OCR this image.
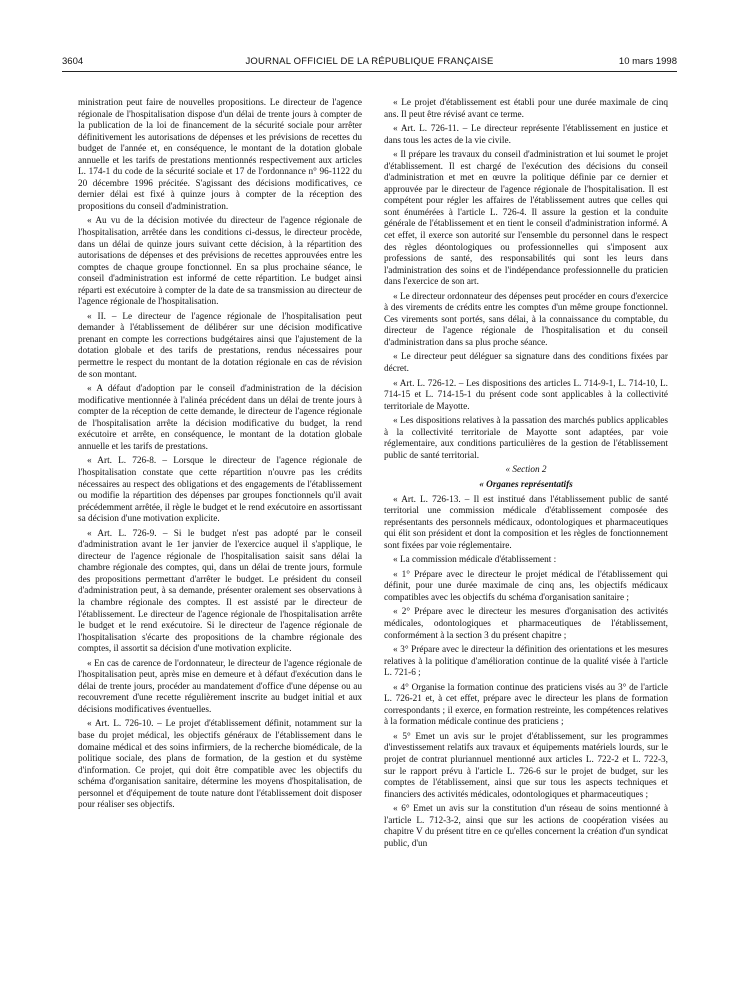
3604	JOURNAL OFFICIEL DE LA RÉPUBLIQUE FRANÇAISE	10 mars 1998

ministration peut faire de nouvelles propositions. Le directeur de l'agence régionale de l'hospitalisation dispose d'un délai de trente jours à compter de la publication de la loi de financement de la sécurité sociale pour arrêter définitivement les autorisations de dépenses et les prévisions de recettes du budget de l'année et, en conséquence, le montant de la dotation globale annuelle et les tarifs de prestations mentionnés respectivement aux articles L. 174-1 du code de la sécurité sociale et 17 de l'ordonnance n° 96-1122 du 20 décembre 1996 précitée. S'agissant des décisions modificatives, ce dernier délai est fixé à quinze jours à compter de la réception des propositions du conseil d'administration.

« Au vu de la décision motivée du directeur de l'agence régionale de l'hospitalisation, arrêtée dans les conditions ci-dessus, le directeur procède, dans un délai de quinze jours suivant cette décision, à la répartition des autorisations de dépenses et des prévisions de recettes approuvées entre les comptes de chaque groupe fonctionnel. En sa plus prochaine séance, le conseil d'administration est informé de cette répartition. Le budget ainsi réparti est exécutoire à compter de la date de sa transmission au directeur de l'agence régionale de l'hospitalisation.

« II. – Le directeur de l'agence régionale de l'hospitalisation peut demander à l'établissement de délibérer sur une décision modificative prenant en compte les corrections budgétaires ainsi que l'ajustement de la dotation globale et des tarifs de prestations, rendus nécessaires pour permettre le respect du montant de la dotation régionale en cas de révision de son montant.

« A défaut d'adoption par le conseil d'administration de la décision modificative mentionnée à l'alinéa précédent dans un délai de trente jours à compter de la réception de cette demande, le directeur de l'agence régionale de l'hospitalisation arrête la décision modificative du budget, la rend exécutoire et arrête, en conséquence, le montant de la dotation globale annuelle et les tarifs de prestations.

« Art. L. 726-8. – Lorsque le directeur de l'agence régionale de l'hospitalisation constate que cette répartition n'ouvre pas les crédits nécessaires au respect des obligations et des engagements de l'établissement ou modifie la répartition des dépenses par groupes fonctionnels qu'il avait précédemment arrêtée, il règle le budget et le rend exécutoire en assortissant sa décision d'une motivation explicite.

« Art. L. 726-9. – Si le budget n'est pas adopté par le conseil d'administration avant le 1er janvier de l'exercice auquel il s'applique, le directeur de l'agence régionale de l'hospitalisation saisit sans délai la chambre régionale des comptes, qui, dans un délai de trente jours, formule des propositions permettant d'arrêter le budget. Le président du conseil d'administration peut, à sa demande, présenter oralement ses observations à la chambre régionale des comptes. Il est assisté par le directeur de l'établissement. Le directeur de l'agence régionale de l'hospitalisation arrête le budget et le rend exécutoire. Si le directeur de l'agence régionale de l'hospitalisation s'écarte des propositions de la chambre régionale des comptes, il assortit sa décision d'une motivation explicite.

« En cas de carence de l'ordonnateur, le directeur de l'agence régionale de l'hospitalisation peut, après mise en demeure et à défaut d'exécution dans le délai de trente jours, procéder au mandatement d'office d'une dépense ou au recouvrement d'une recette régulièrement inscrite au budget initial et aux décisions modificatives éventuelles.

« Art. L. 726-10. – Le projet d'établissement définit, notamment sur la base du projet médical, les objectifs généraux de l'établissement dans le domaine médical et des soins infirmiers, de la recherche biomédicale, de la politique sociale, des plans de formation, de la gestion et du système d'information. Ce projet, qui doit être compatible avec les objectifs du schéma d'organisation sanitaire, détermine les moyens d'hospitalisation, de personnel et d'équipement de toute nature dont l'établissement doit disposer pour réaliser ses objectifs.

« Le projet d'établissement est établi pour une durée maximale de cinq ans. Il peut être révisé avant ce terme.

« Art. L. 726-11. – Le directeur représente l'établissement en justice et dans tous les actes de la vie civile.

« Il prépare les travaux du conseil d'administration et lui soumet le projet d'établissement. Il est chargé de l'exécution des décisions du conseil d'administration et met en œuvre la politique définie par ce dernier et approuvée par le directeur de l'agence régionale de l'hospitalisation. Il est compétent pour régler les affaires de l'établissement autres que celles qui sont énumérées à l'article L. 726-4. Il assure la gestion et la conduite générale de l'établissement et en tient le conseil d'administration informé. A cet effet, il exerce son autorité sur l'ensemble du personnel dans le respect des règles déontologiques ou professionnelles qui s'imposent aux professions de santé, des responsabilités qui sont les leurs dans l'administration des soins et de l'indépendance professionnelle du praticien dans l'exercice de son art.

« Le directeur ordonnateur des dépenses peut procéder en cours d'exercice à des virements de crédits entre les comptes d'un même groupe fonctionnel. Ces virements sont portés, sans délai, à la connaissance du comptable, du directeur de l'agence régionale de l'hospitalisation et du conseil d'administration dans sa plus proche séance.

« Le directeur peut déléguer sa signature dans des conditions fixées par décret.

« Art. L. 726-12. – Les dispositions des articles L. 714-9-1, L. 714-10, L. 714-15 et L. 714-15-1 du présent code sont applicables à la collectivité territoriale de Mayotte.

« Les dispositions relatives à la passation des marchés publics applicables à la collectivité territoriale de Mayotte sont adaptées, par voie réglementaire, aux conditions particulières de la gestion de l'établissement public de santé territorial.

« Section 2

« Organes représentatifs

« Art. L. 726-13. – Il est institué dans l'établissement public de santé territorial une commission médicale d'établissement composée des représentants des personnels médicaux, odontologiques et pharmaceutiques qui élit son président et dont la composition et les règles de fonctionnement sont fixées par voie réglementaire.

« La commission médicale d'établissement :

« 1° Prépare avec le directeur le projet médical de l'établissement qui définit, pour une durée maximale de cinq ans, les objectifs médicaux compatibles avec les objectifs du schéma d'organisation sanitaire ;

« 2° Prépare avec le directeur les mesures d'organisation des activités médicales, odontologiques et pharmaceutiques de l'établissement, conformément à la section 3 du présent chapitre ;

« 3° Prépare avec le directeur la définition des orientations et les mesures relatives à la politique d'amélioration continue de la qualité visée à l'article L. 721-6 ;

« 4° Organise la formation continue des praticiens visés au 3° de l'article L. 726-21 et, à cet effet, prépare avec le directeur les plans de formation correspondants ; il exerce, en formation restreinte, les compétences relatives à la formation médicale continue des praticiens ;

« 5° Emet un avis sur le projet d'établissement, sur les programmes d'investissement relatifs aux travaux et équipements matériels lourds, sur le projet de contrat pluriannuel mentionné aux articles L. 722-2 et L. 722-3, sur le rapport prévu à l'article L. 726-6 sur le projet de budget, sur les comptes de l'établissement, ainsi que sur tous les aspects techniques et financiers des activités médicales, odontologiques et pharmaceutiques ;

« 6° Emet un avis sur la constitution d'un réseau de soins mentionné à l'article L. 712-3-2, ainsi que sur les actions de coopération visées au chapitre V du présent titre en ce qu'elles concernent la création d'un syndicat public, d'un
